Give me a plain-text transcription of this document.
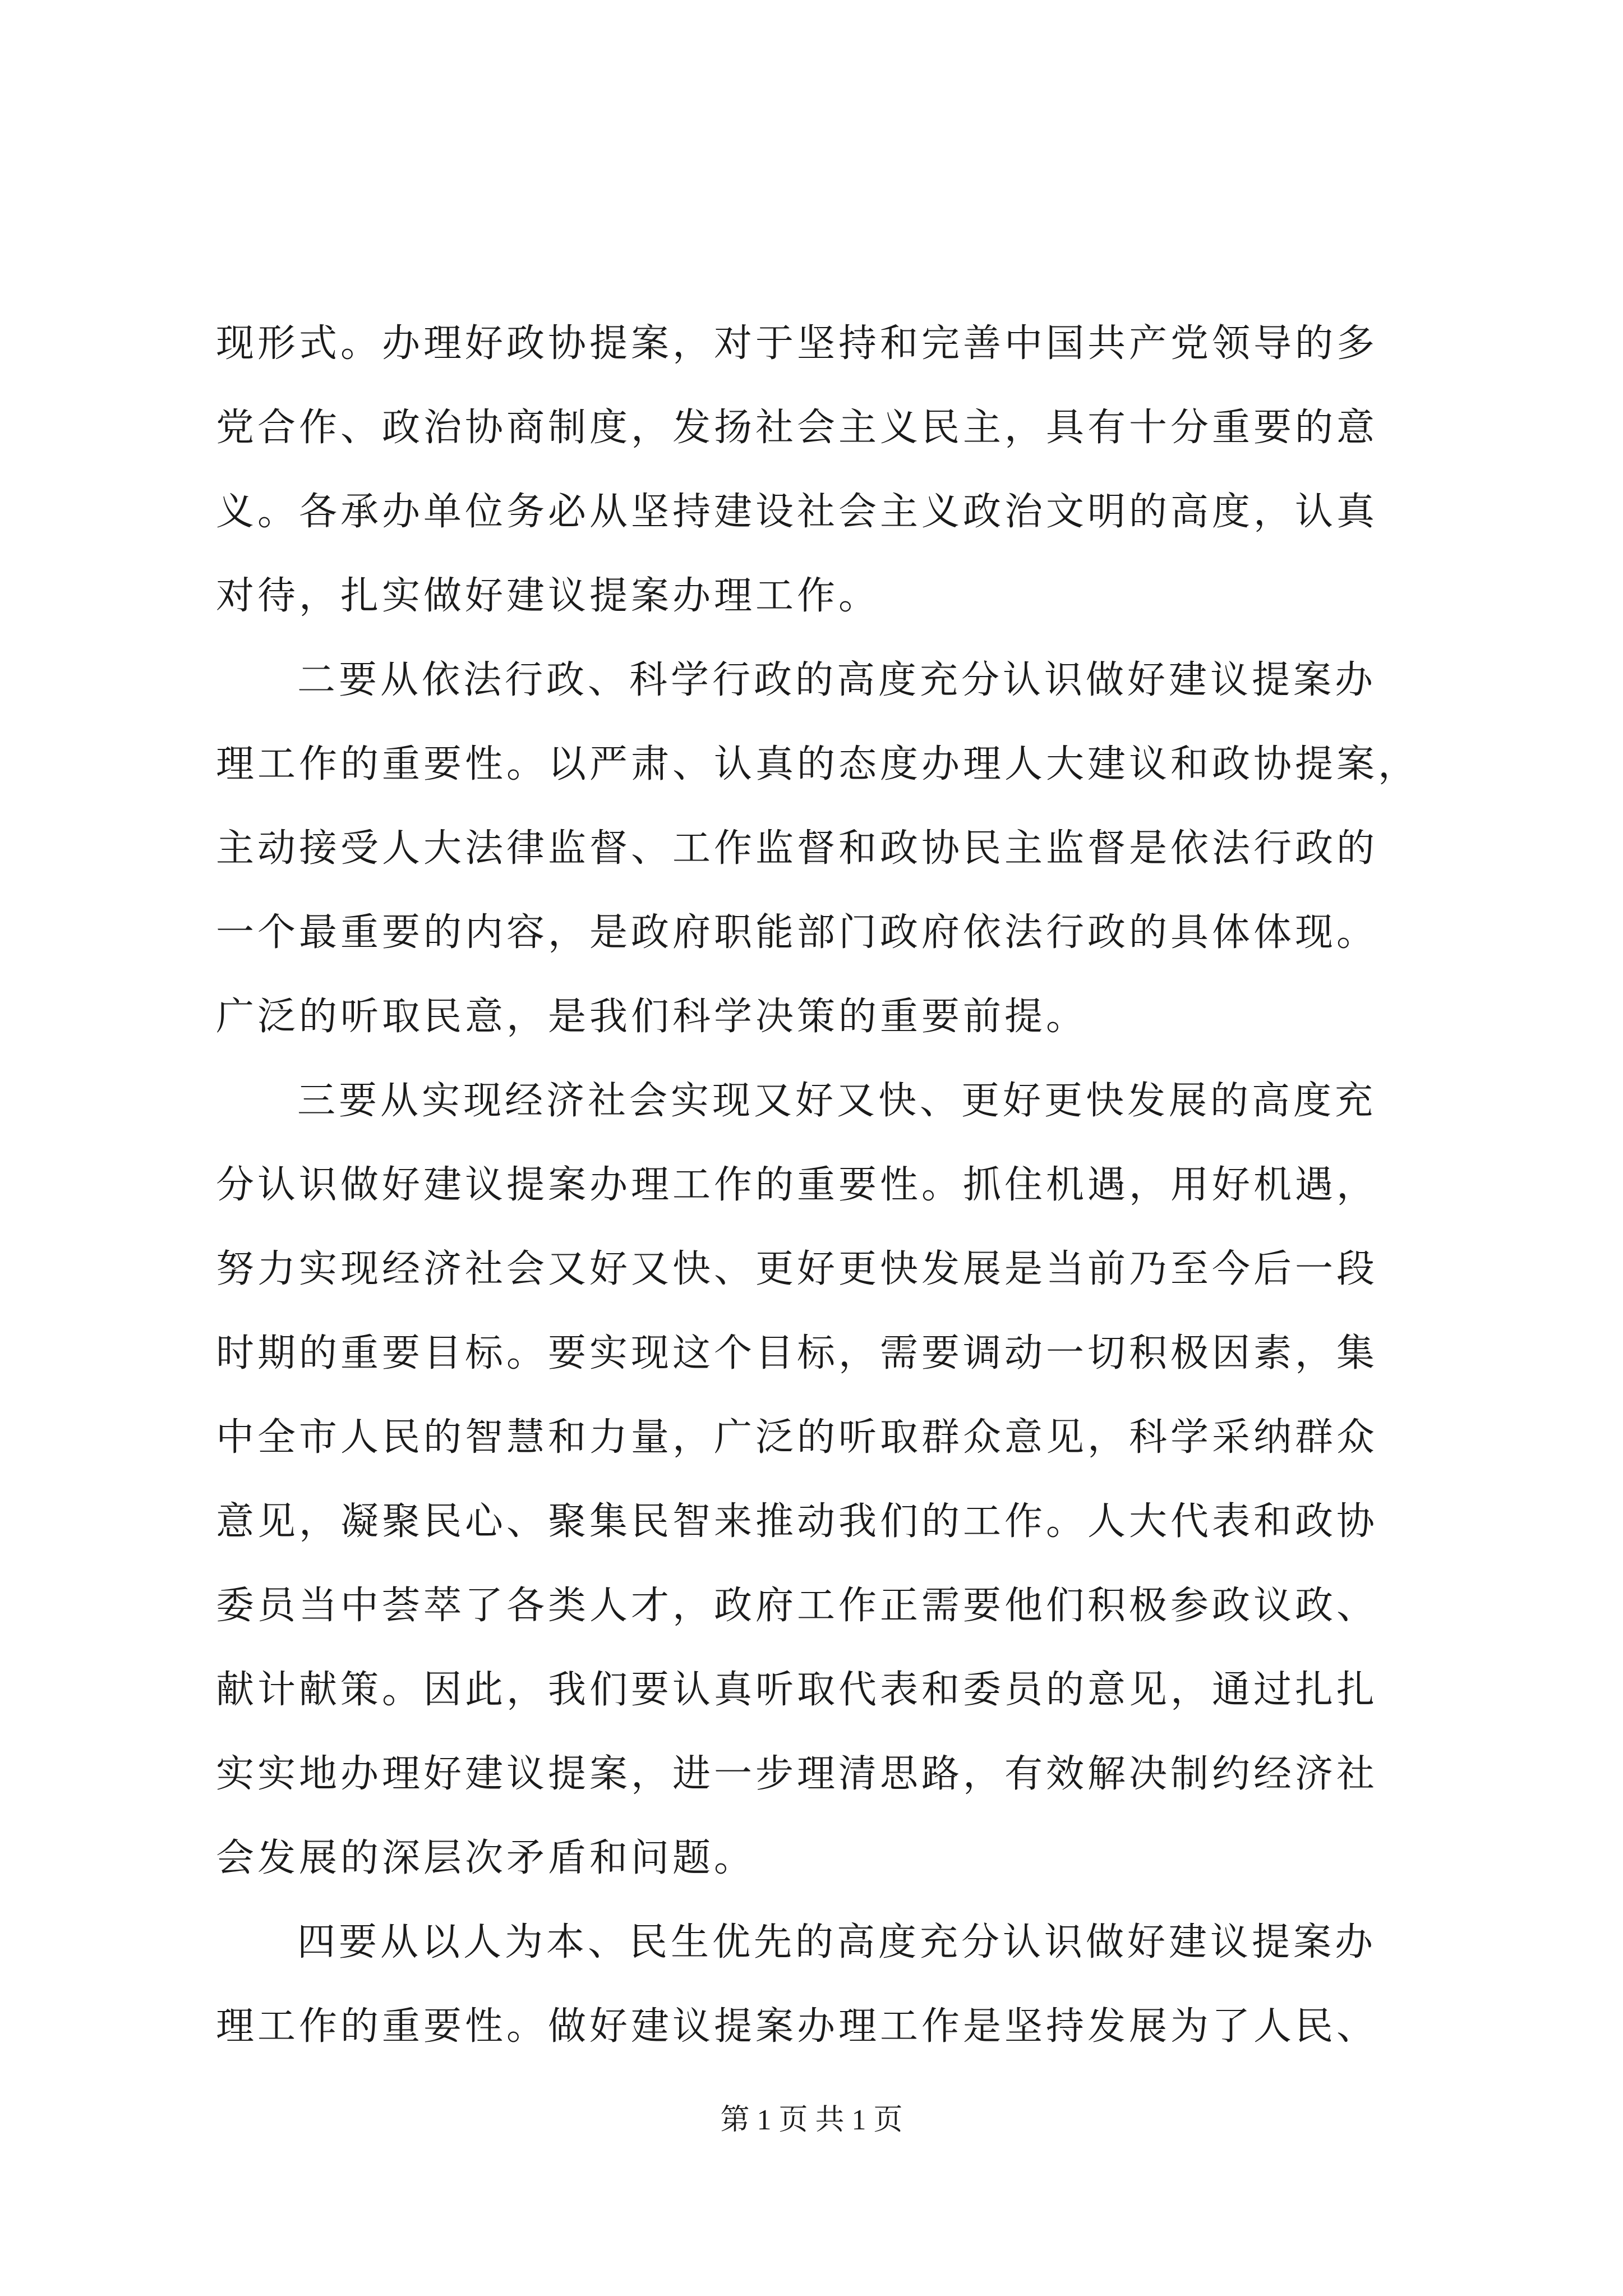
现形式。办理好政协提案，对于坚持和完善中国共产党领导的多
党合作、政治协商制度，发扬社会主义民主，具有十分重要的意
义。各承办单位务必从坚持建设社会主义政治文明的高度，认真
对待，扎实做好建议提案办理工作。
二要从依法行政、科学行政的高度充分认识做好建议提案办
理工作的重要性。以严肃、认真的态度办理人大建议和政协提案，
主动接受人大法律监督、工作监督和政协民主监督是依法行政的
一个最重要的内容，是政府职能部门政府依法行政的具体体现。
广泛的听取民意，是我们科学决策的重要前提。
三要从实现经济社会实现又好又快、更好更快发展的高度充
分认识做好建议提案办理工作的重要性。抓住机遇，用好机遇，
努力实现经济社会又好又快、更好更快发展是当前乃至今后一段
时期的重要目标。要实现这个目标，需要调动一切积极因素，集
中全市人民的智慧和力量，广泛的听取群众意见，科学采纳群众
意见，凝聚民心、聚集民智来推动我们的工作。人大代表和政协
委员当中荟萃了各类人才，政府工作正需要他们积极参政议政、
献计献策。因此，我们要认真听取代表和委员的意见，通过扎扎
实实地办理好建议提案，进一步理清思路，有效解决制约经济社
会发展的深层次矛盾和问题。
四要从以人为本、民生优先的高度充分认识做好建议提案办
理工作的重要性。做好建议提案办理工作是坚持发展为了人民、
第 1 页 共 1 页
